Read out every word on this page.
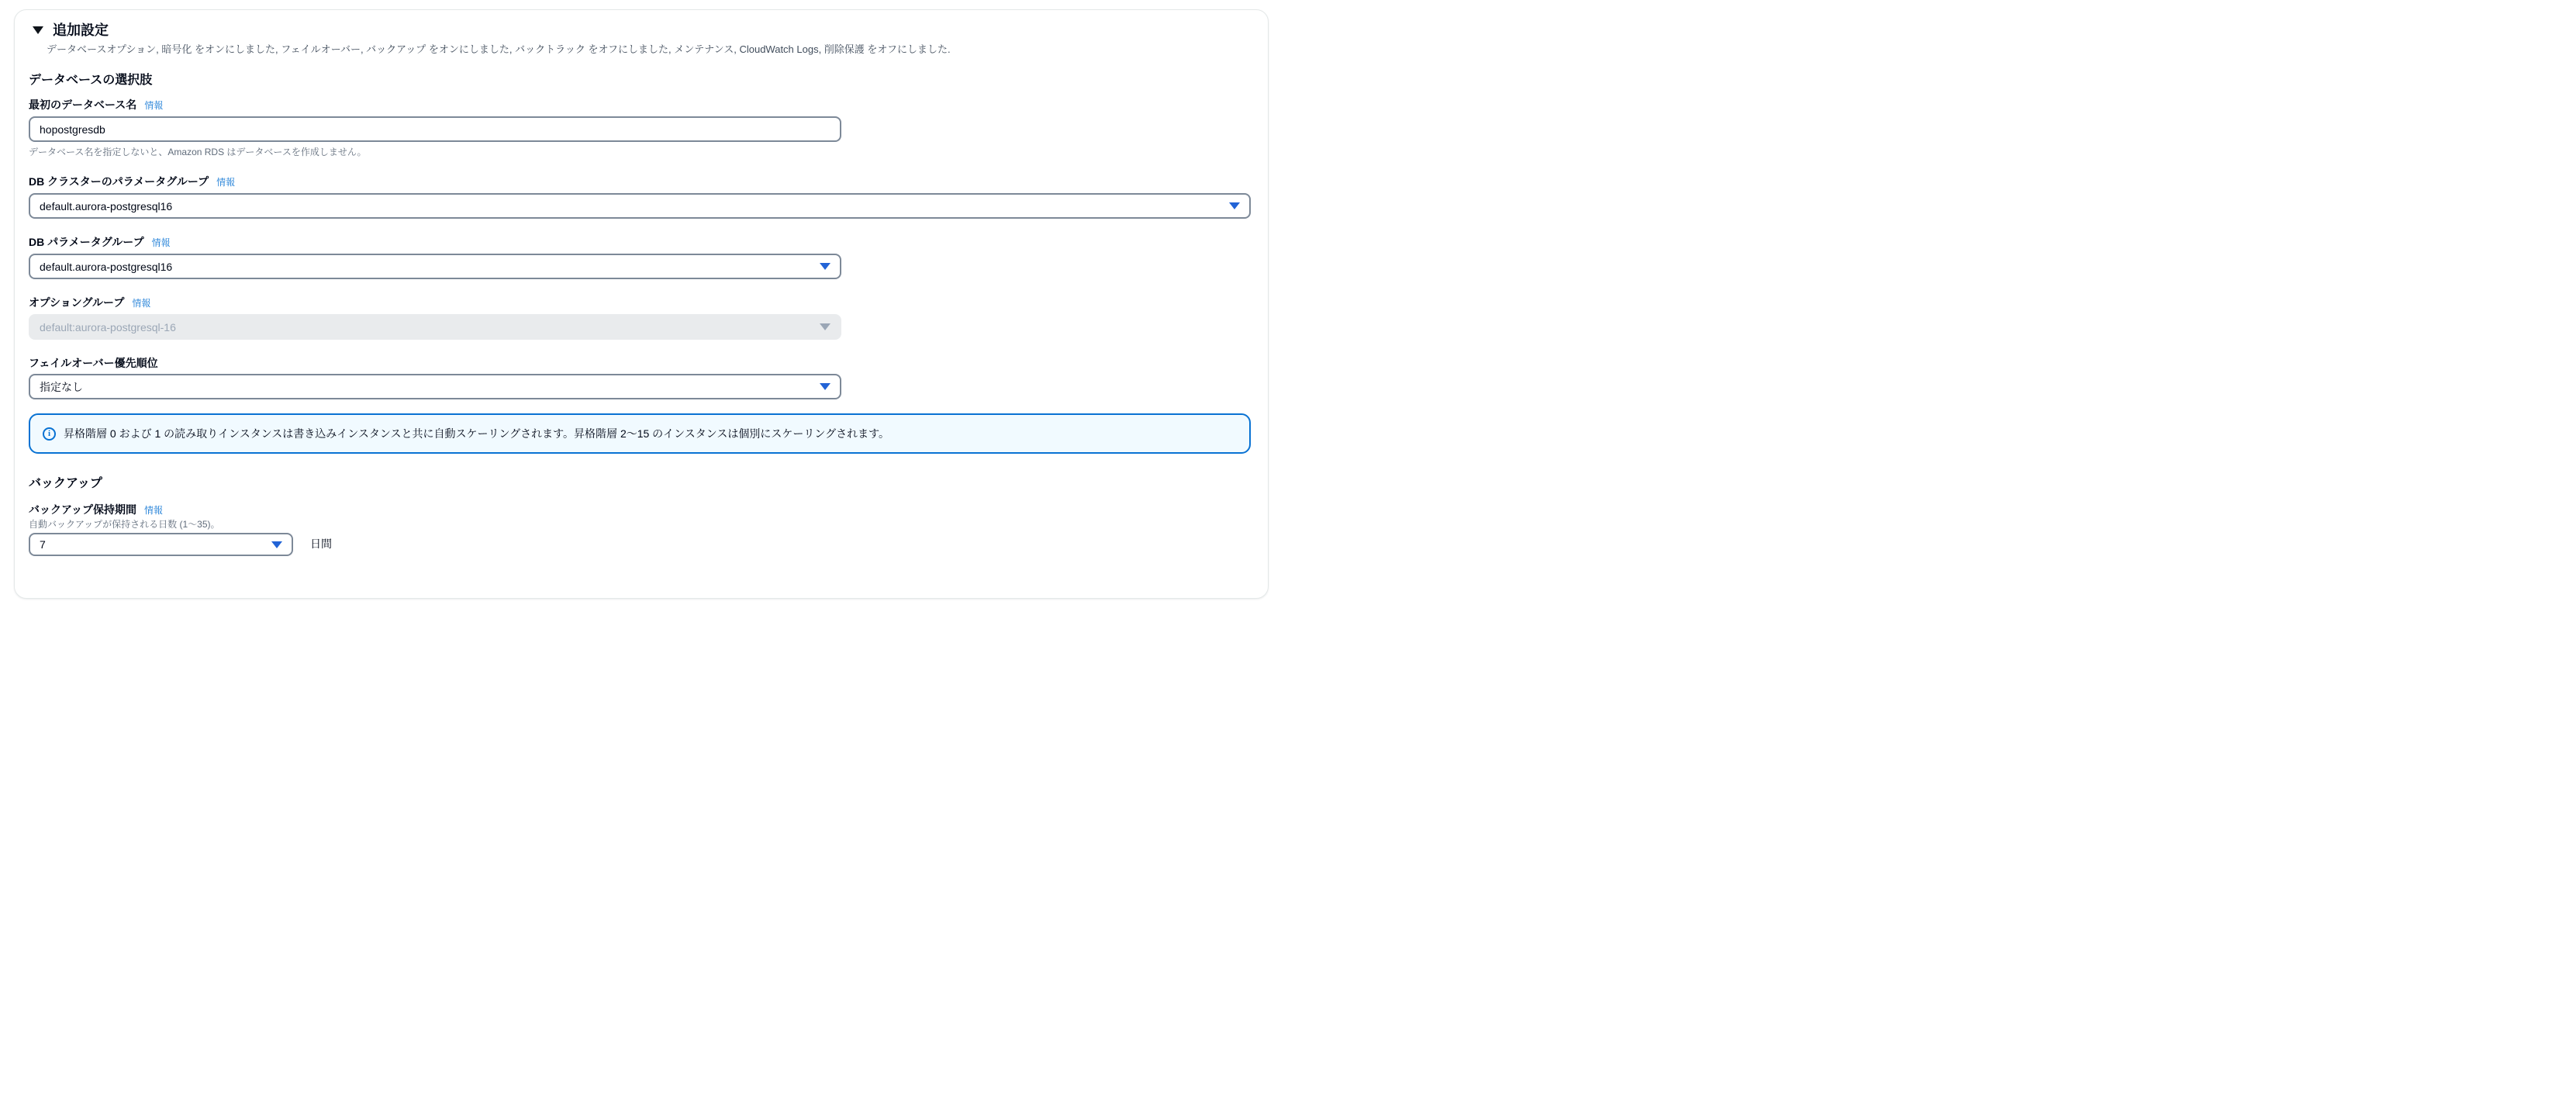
追加設定
データベースオプション, 暗号化 をオンにしました, フェイルオーバー, バックアップ をオンにしました, バックトラック をオフにしました, メンテナンス, CloudWatch Logs, 削除保護 をオフにしました.
データベースの選択肢
最初のデータベース名 情報
hopostgresdb
データベース名を指定しないと、Amazon RDS はデータベースを作成しません。
DB クラスターのパラメータグループ 情報
default.aurora-postgresql16
DB パラメータグループ 情報
default.aurora-postgresql16
オプショングループ 情報
default:aurora-postgresql-16
フェイルオーバー優先順位
指定なし
i	昇格階層 0 および 1 の読み取りインスタンスは書き込みインスタンスと共に自動スケーリングされます。昇格階層 2〜15 のインスタンスは個別にスケーリングされます。
バックアップ
バックアップ保持期間 情報
自動バックアップが保持される日数 (1〜35)。
7	日間
